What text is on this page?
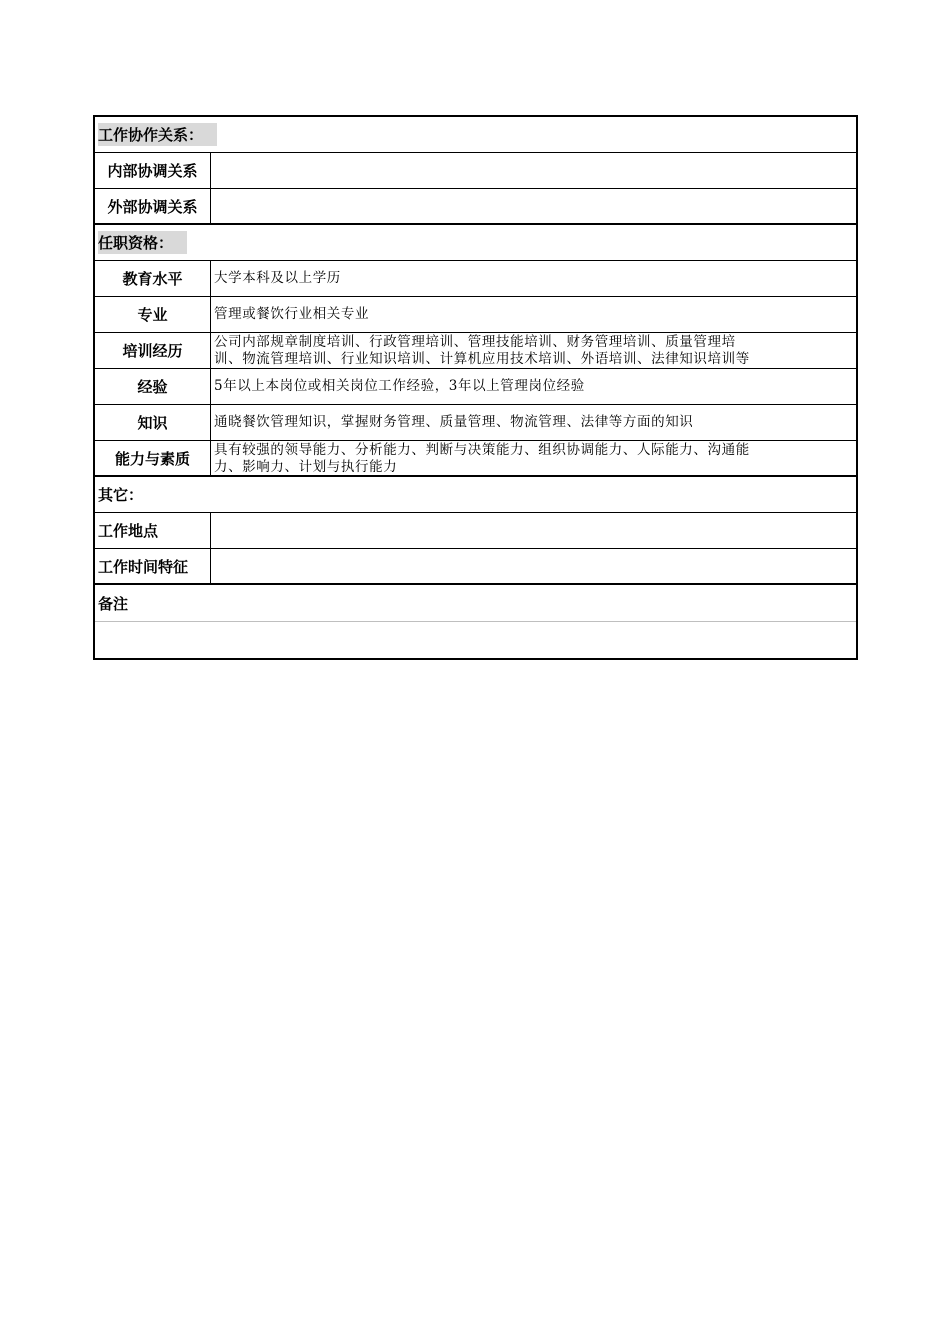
工作协作关系：
内部协调关系
外部协调关系
任职资格：
教育水平	大学本科及以上学历
专业	管理或餐饮行业相关专业
培训经历	公司内部规章制度培训、行政管理培训、管理技能培训、财务管理培训、质量管理培
训、物流管理培训、行业知识培训、计算机应用技术培训、外语培训、法律知识培训等
经验	5年以上本岗位或相关岗位工作经验，3年以上管理岗位经验
知识	通晓餐饮管理知识，掌握财务管理、质量管理、物流管理、法律等方面的知识
能力与素质	具有较强的领导能力、分析能力、判断与决策能力、组织协调能力、人际能力、沟通能
力、影响力、计划与执行能力
其它：
工作地点
工作时间特征
备注
